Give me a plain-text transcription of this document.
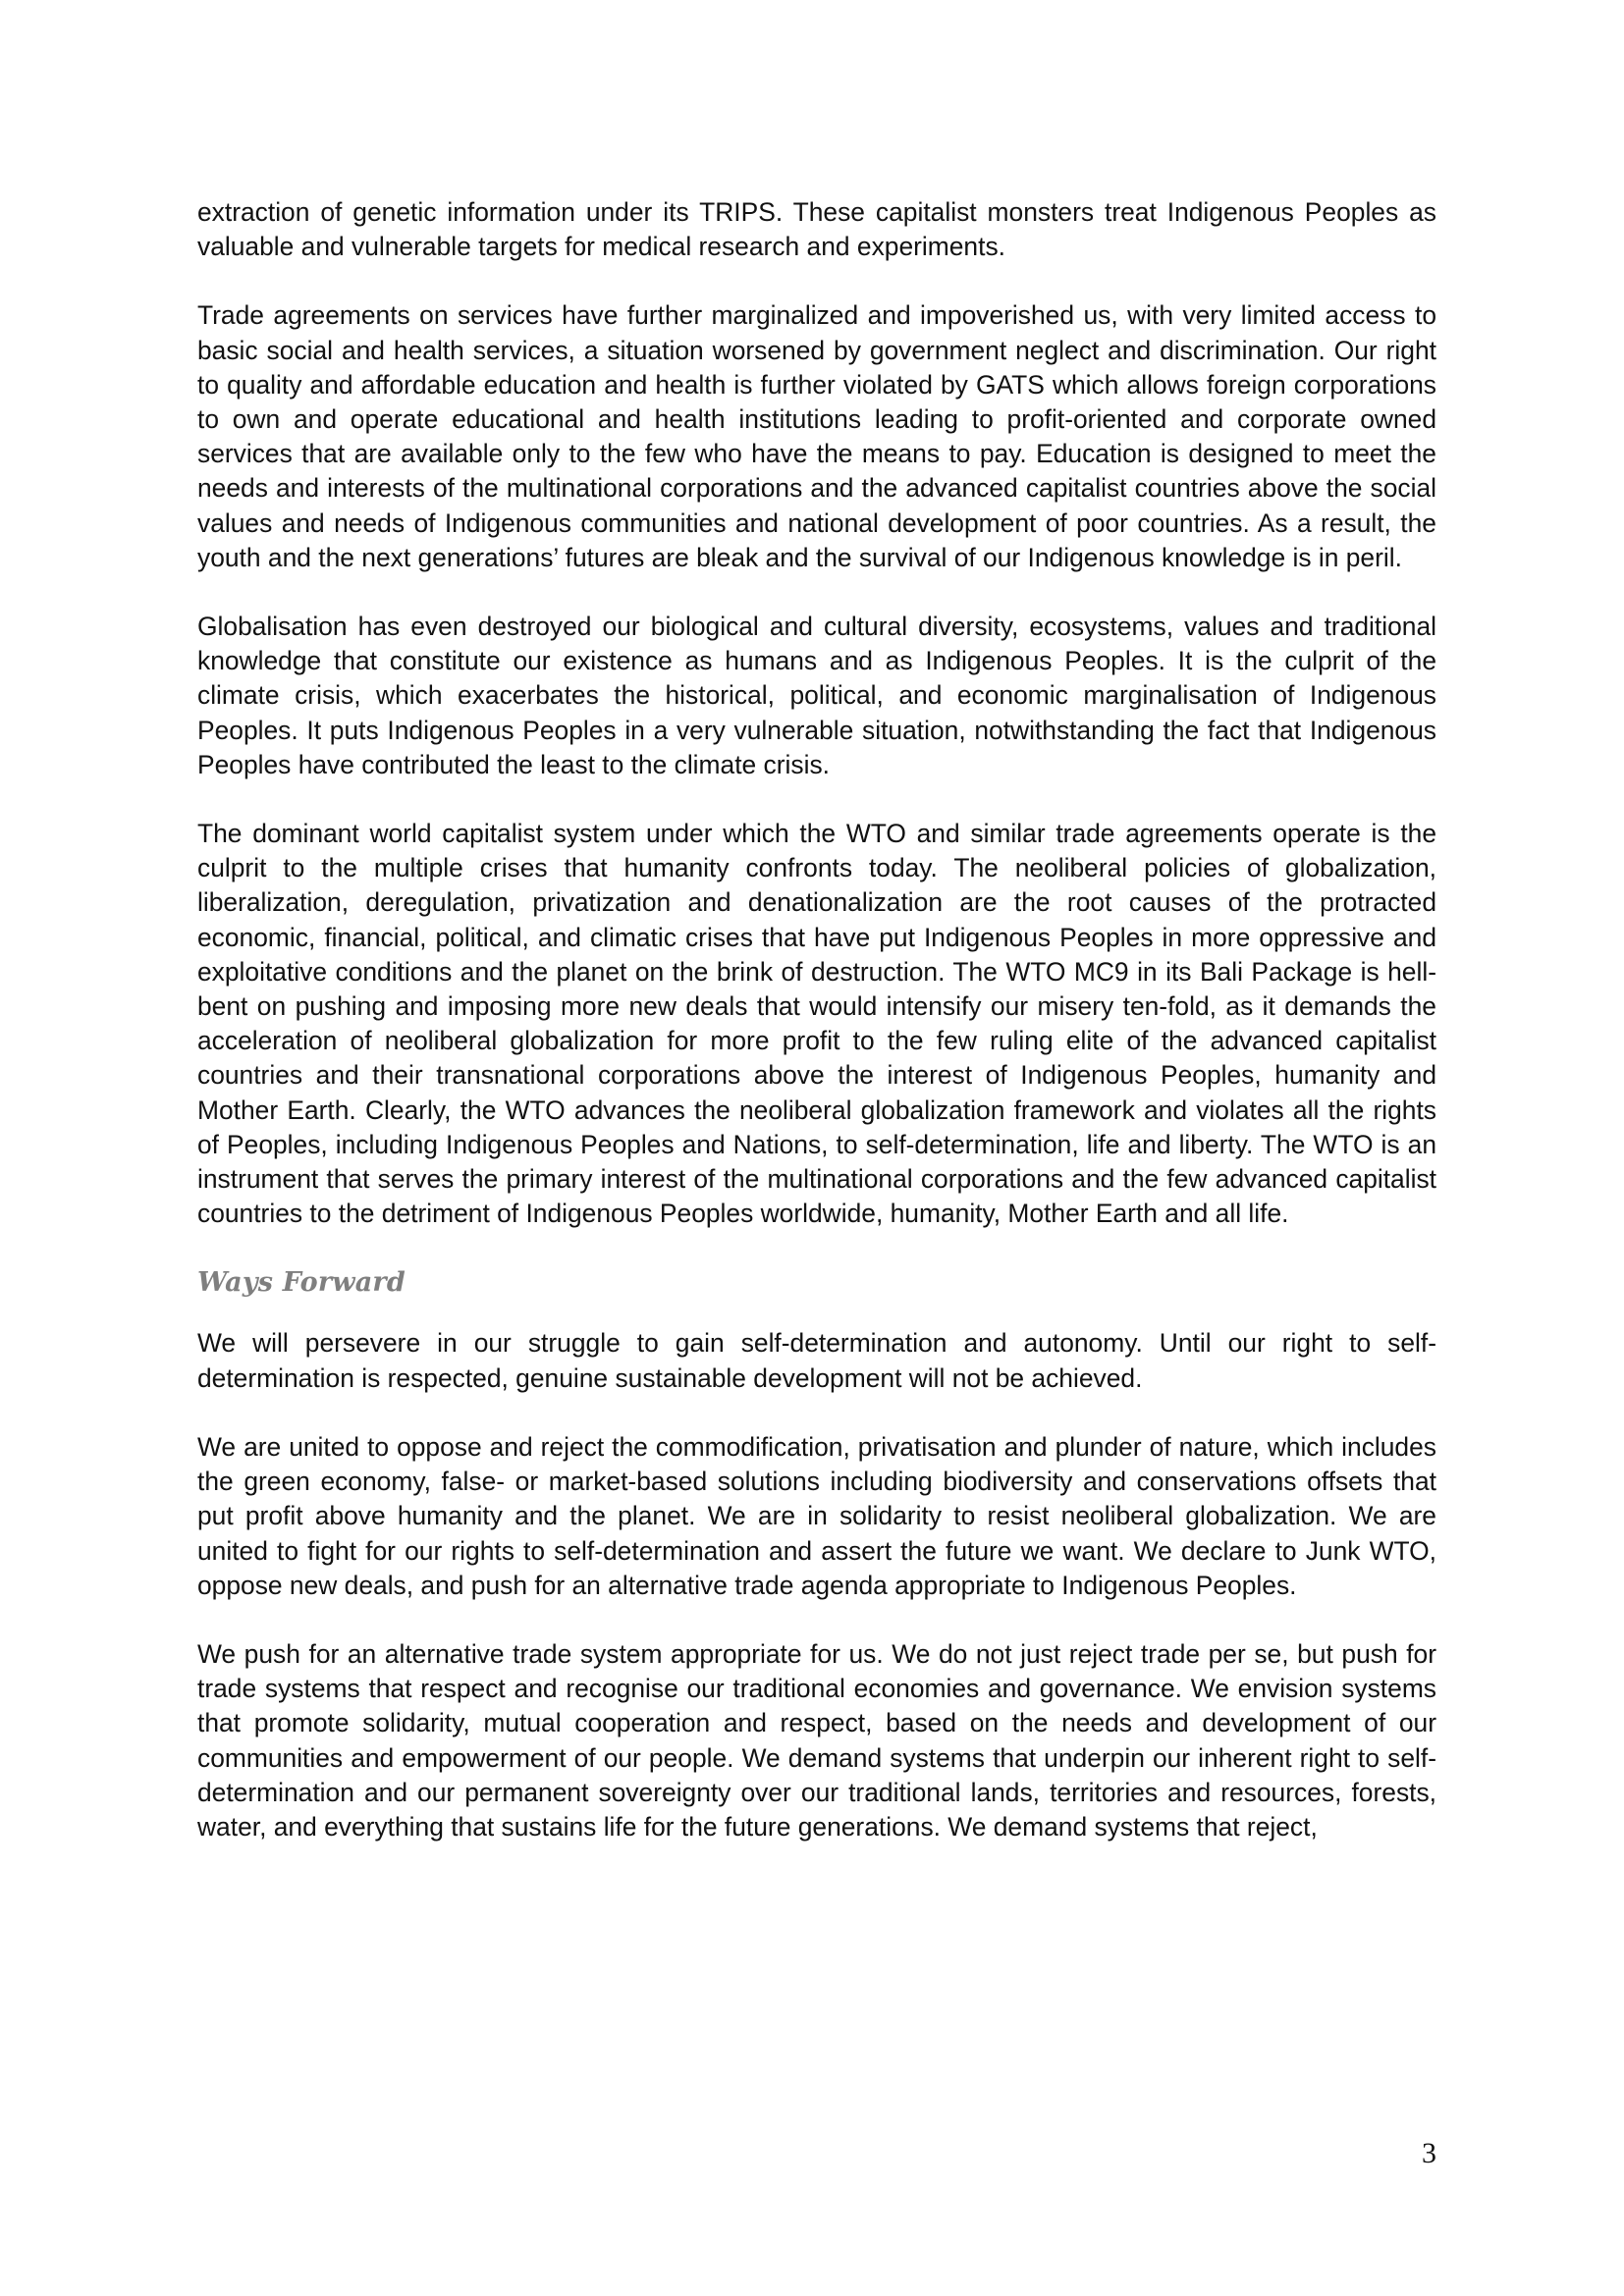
extraction of genetic information under its TRIPS. These capitalist monsters treat Indigenous Peoples as valuable and vulnerable targets for medical research and experiments.

Trade agreements on services have further marginalized and impoverished us, with very limited access to basic social and health services, a situation worsened by government neglect and discrimination. Our right to quality and affordable education and health is further violated by GATS which allows foreign corporations to own and operate educational and health institutions leading to profit-oriented and corporate owned services that are available only to the few who have the means to pay. Education is designed to meet the needs and interests of the multinational corporations and the advanced capitalist countries above the social values and needs of Indigenous communities and national development of poor countries. As a result, the youth and the next generations’ futures are bleak and the survival of our Indigenous knowledge is in peril.

Globalisation has even destroyed our biological and cultural diversity, ecosystems, values and traditional knowledge that constitute our existence as humans and as Indigenous Peoples. It is the culprit of the climate crisis, which exacerbates the historical, political, and economic marginalisation of Indigenous Peoples. It puts Indigenous Peoples in a very vulnerable situation, notwithstanding the fact that Indigenous Peoples have contributed the least to the climate crisis.

The dominant world capitalist system under which the WTO and similar trade agreements operate is the culprit to the multiple crises that humanity confronts today. The neoliberal policies of globalization, liberalization, deregulation, privatization and denationalization are the root causes of the protracted economic, financial, political, and climatic crises that have put Indigenous Peoples in more oppressive and exploitative conditions and the planet on the brink of destruction. The WTO MC9 in its Bali Package is hell-bent on pushing and imposing more new deals that would intensify our misery ten-fold, as it demands the acceleration of neoliberal globalization for more profit to the few ruling elite of the advanced capitalist countries and their transnational corporations above the interest of Indigenous Peoples, humanity and Mother Earth. Clearly, the WTO advances the neoliberal globalization framework and violates all the rights of Peoples, including Indigenous Peoples and Nations, to self-determination, life and liberty. The WTO is an instrument that serves the primary interest of the multinational corporations and the few advanced capitalist countries to the detriment of Indigenous Peoples worldwide, humanity, Mother Earth and all life.

Ways Forward

We will persevere in our struggle to gain self-determination and autonomy. Until our right to self-determination is respected, genuine sustainable development will not be achieved.

We are united to oppose and reject the commodification, privatisation and plunder of nature, which includes the green economy, false- or market-based solutions including biodiversity and conservations offsets that put profit above humanity and the planet. We are in solidarity to resist neoliberal globalization. We are united to fight for our rights to self-determination and assert the future we want. We declare to Junk WTO, oppose new deals, and push for an alternative trade agenda appropriate to Indigenous Peoples.

We push for an alternative trade system appropriate for us. We do not just reject trade per se, but push for trade systems that respect and recognise our traditional economies and governance. We envision systems that promote solidarity, mutual cooperation and respect, based on the needs and development of our communities and empowerment of our people. We demand systems that underpin our inherent right to self-determination and our permanent sovereignty over our traditional lands, territories and resources, forests, water, and everything that sustains life for the future generations. We demand systems that reject,

3
